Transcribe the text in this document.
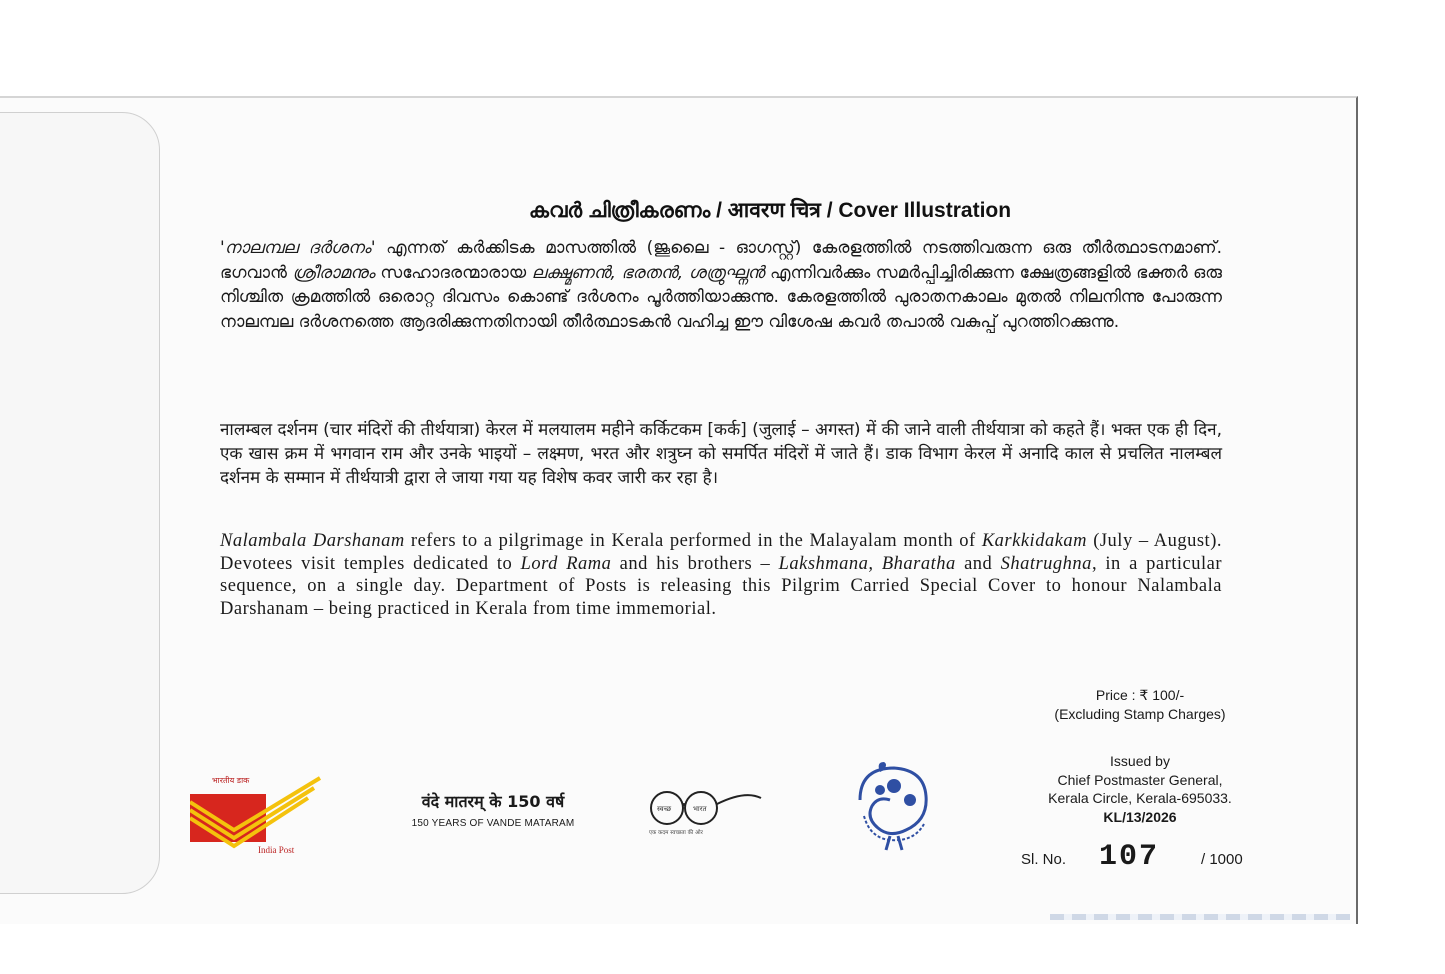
കവർ ചിത്രീകരണം / आवरण चित्र / Cover Illustration
'നാലമ്പല ദർശനം' എന്നത് കർക്കിടക മാസത്തിൽ (ജൂലൈ - ഓഗസ്റ്റ്) കേരളത്തിൽ നടത്തിവരുന്ന ഒരു തീർത്ഥാടനമാണ്. ഭഗവാൻ ശ്രീരാമനും സഹോദരന്മാരായ ലക്ഷ്മണൻ, ഭരതൻ, ശത്രുഘ്നൻ എന്നിവർക്കും സമർപ്പിച്ചിരിക്കുന്ന ക്ഷേത്രങ്ങളിൽ ഭക്തർ ഒരു നിശ്ചിത ക്രമത്തിൽ ഒരൊറ്റ ദിവസം കൊണ്ട് ദർശനം പൂർത്തിയാക്കുന്നു. കേരളത്തിൽ പുരാതനകാലം മുതൽ നിലനിന്നു പോരുന്ന നാലമ്പല ദർശനത്തെ ആദരിക്കുന്നതിനായി തീർത്ഥാടകൻ വഹിച്ച ഈ വിശേഷ കവർ തപാൽ വകുപ്പ് പുറത്തിറക്കുന്നു.
नालम्बल दर्शनम (चार मंदिरों की तीर्थयात्रा) केरल में मलयालम महीने कर्किटकम [कर्क] (जुलाई – अगस्त) में की जाने वाली तीर्थयात्रा को कहते हैं। भक्त एक ही दिन, एक खास क्रम में भगवान राम और उनके भाइयों – लक्ष्मण, भरत और शत्रुघ्न को समर्पित मंदिरों में जाते हैं। डाक विभाग केरल में अनादि काल से प्रचलित नालम्बल दर्शनम के सम्मान में तीर्थयात्री द्वारा ले जाया गया यह विशेष कवर जारी कर रहा है।
Nalambala Darshanam refers to a pilgrimage in Kerala performed in the Malayalam month of Karkkidakam (July – August). Devotees visit temples dedicated to Lord Rama and his brothers – Lakshmana, Bharatha and Shatrughna, in a particular sequence, on a single day. Department of Posts is releasing this Pilgrim Carried Special Cover to honour Nalambala Darshanam – being practiced in Kerala from time immemorial.
Price : ₹ 100/-
(Excluding Stamp Charges)
Issued by
Chief Postmaster General,
Kerala Circle, Kerala-695033.
KL/13/2026
Sl. No. 107	/ 1000
भारतीय डाक
India Post
वंदे मातरम् के 150 वर्ष
150 YEARS OF VANDE MATARAM
स्वच्छ	भारत
एक कदम स्वच्छता की ओर
